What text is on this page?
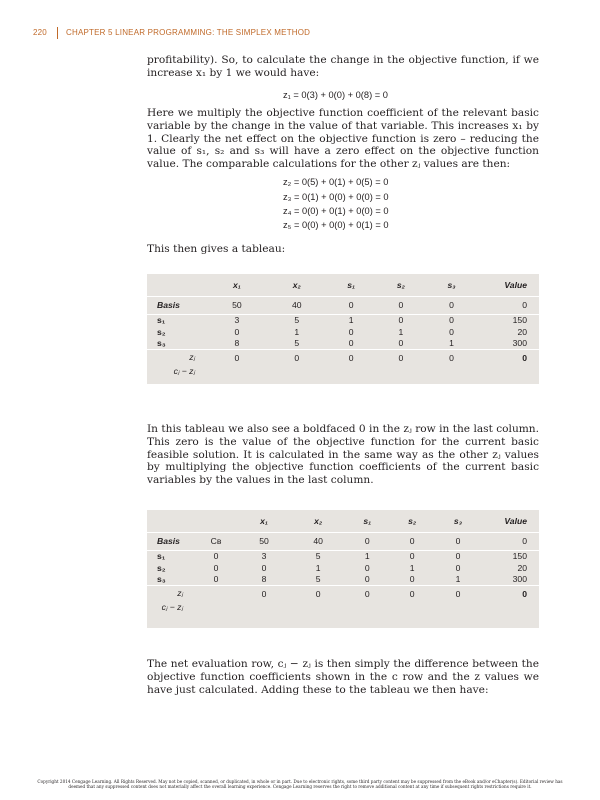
220 CHAPTER 5 LINEAR PROGRAMMING: THE SIMPLEX METHOD
profitability). So, to calculate the change in the objective function, if we increase x₁ by 1 we would have:
z₁ = 0(3) + 0(0) + 0(8) = 0
Here we multiply the objective function coefficient of the relevant basic variable by the change in the value of that variable. This increases x₁ by 1. Clearly the net effect on the objective function is zero – reducing the value of s₁, s₂ and s₃ will have a zero effect on the objective function value. The comparable calculations for the other zⱼ values are then:
z₂ = 0(5) + 0(1) + 0(5) = 0
z₃ = 0(1) + 0(0) + 0(0) = 0
z₄ = 0(0) + 0(1) + 0(0) = 0
z₅ = 0(0) + 0(0) + 0(1) = 0
This then gives a tableau:
	x₁	x₂	s₁	s₂	s₃	Value
Basis	50	40	0	0	0	0
s₁	3	5	1	0	0	150
s₂	0	1	0	1	0	20
s₃	8	5	0	0	1	300
zⱼ	0	0	0	0	0	0
cⱼ − zⱼ						
In this tableau we also see a boldfaced 0 in the zⱼ row in the last column. This zero is the value of the objective function for the current basic feasible solution. It is calculated in the same way as the other zⱼ values by multiplying the objective function coefficients of the current basic variables by the values in the last column.
		x₁	x₂	s₁	s₂	s₃	Value
Basis	Cʙ	50	40	0	0	0	0
s₁	0	3	5	1	0	0	150
s₂	0	0	1	0	1	0	20
s₃	0	8	5	0	0	1	300
zⱼ		0	0	0	0	0	0
cⱼ − zⱼ							
The net evaluation row, cⱼ − zⱼ is then simply the difference between the objective function coefficients shown in the c row and the z values we have just calculated. Adding these to the tableau we then have:
Copyright 2014 Cengage Learning. All Rights Reserved. May not be copied, scanned, or duplicated, in whole or in part. Due to electronic rights, some third party content may be suppressed from the eBook and/or eChapter(s). Editorial review has deemed that any suppressed content does not materially affect the overall learning experience. Cengage Learning reserves the right to remove additional content at any time if subsequent rights restrictions require it.
